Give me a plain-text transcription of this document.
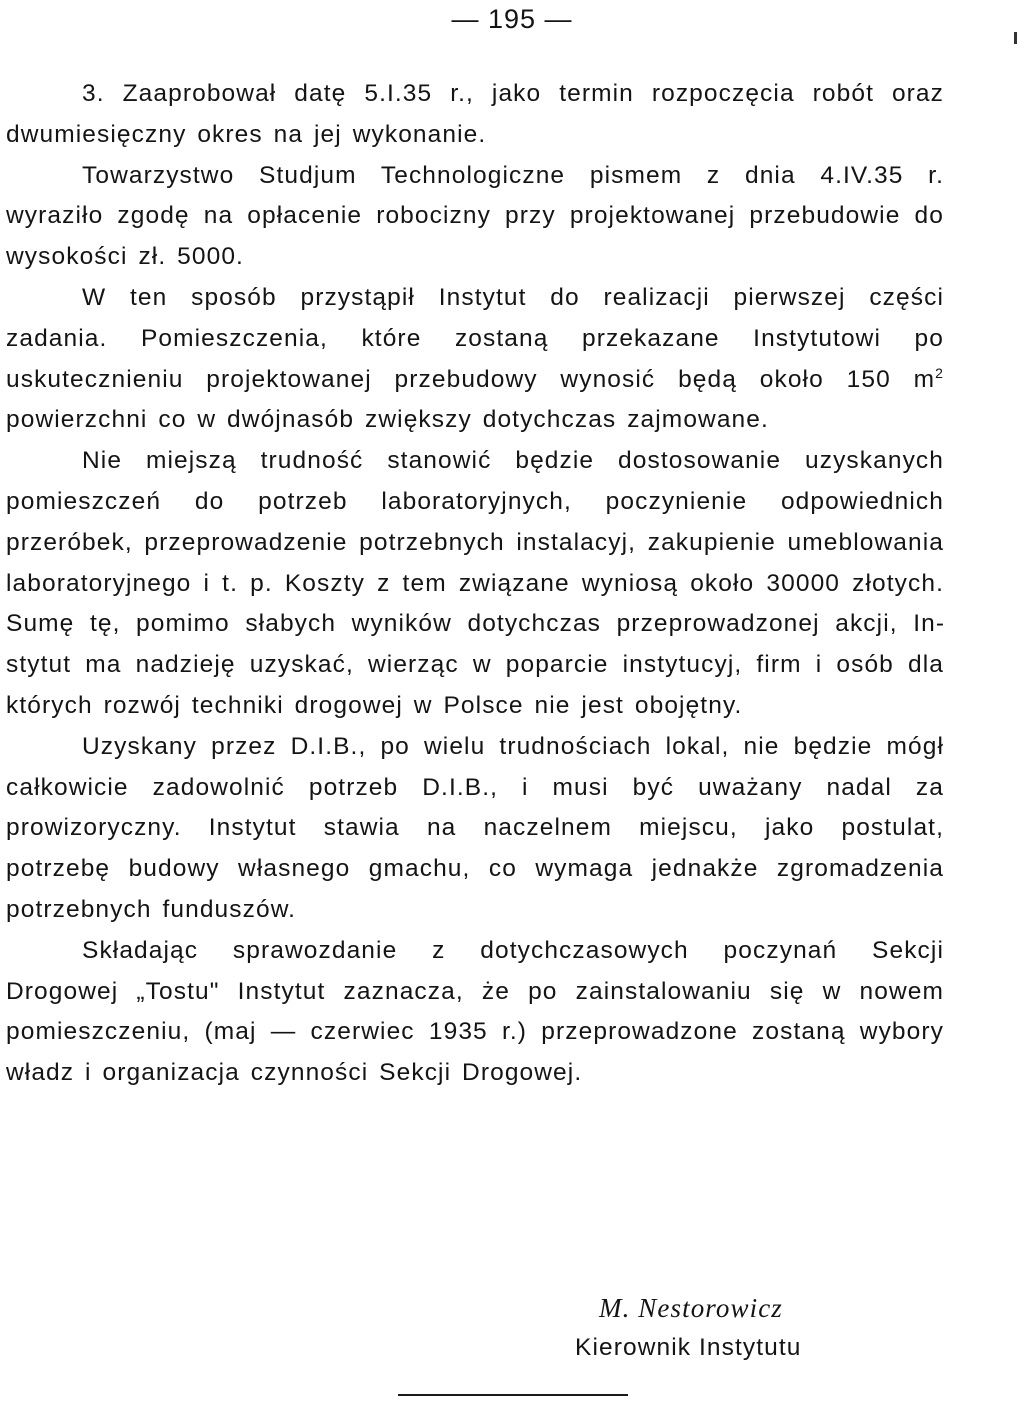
— 195 —

3. Zaaprobował datę 5.I.35 r., jako termin rozpoczęcia robót oraz dwumiesięczny okres na jej wykonanie.

Towarzystwo Studjum Technologiczne pismem z dnia 4.IV.35 r. wyraziło zgodę na opłacenie robocizny przy projektowanej przebudowie do wysokości zł. 5000.

W ten sposób przystąpił Instytut do realizacji pierwszej części zadania. Pomieszczenia, które zostaną przekazane Instytutowi po uskutecznieniu projektowanej przebudowy wynosić będą około 150 $m^2$ powierzchni co w dwójnasób zwiększy dotychczas zajmowane.

Nie miejszą trudność stanowić będzie dostosowanie uzyskanych pomieszczeń do potrzeb laboratoryjnych, poczynienie odpowiednich przeróbek, przeprowadzenie potrzebnych instalacyj, zakupienie umeblowania laboratoryjnego i t. p. Koszty z tem związane wyniosą około 30000 złotych. Sumę tę, pomimo słabych wyników dotychczas przeprowadzonej akcji, Instytut ma nadzieję uzyskać, wierząc w poparcie instytucyj, firm i osób dla których rozwój techniki drogowej w Polsce nie jest obojętny.

Uzyskany przez D.I.B., po wielu trudnościach lokal, nie będzie mógł całkowicie zadowolnić potrzeb D.I.B., i musi być uważany nadal za prowizoryczny. Instytut stawia na naczelnem miejscu, jako postulat, potrzebę budowy własnego gmachu, co wymaga jednakże zgromadzenia potrzebnych funduszów.

Składając sprawozdanie z dotychczasowych poczynań Sekcji Drogowej „Tostu" Instytut zaznacza, że po zainstalowaniu się w nowem pomieszczeniu, (maj — czerwiec 1935 r.) przeprowadzone zostaną wybory władz i organizacja czynności Sekcji Drogowej.

M. Nestorowicz
Kierownik Instytutu
